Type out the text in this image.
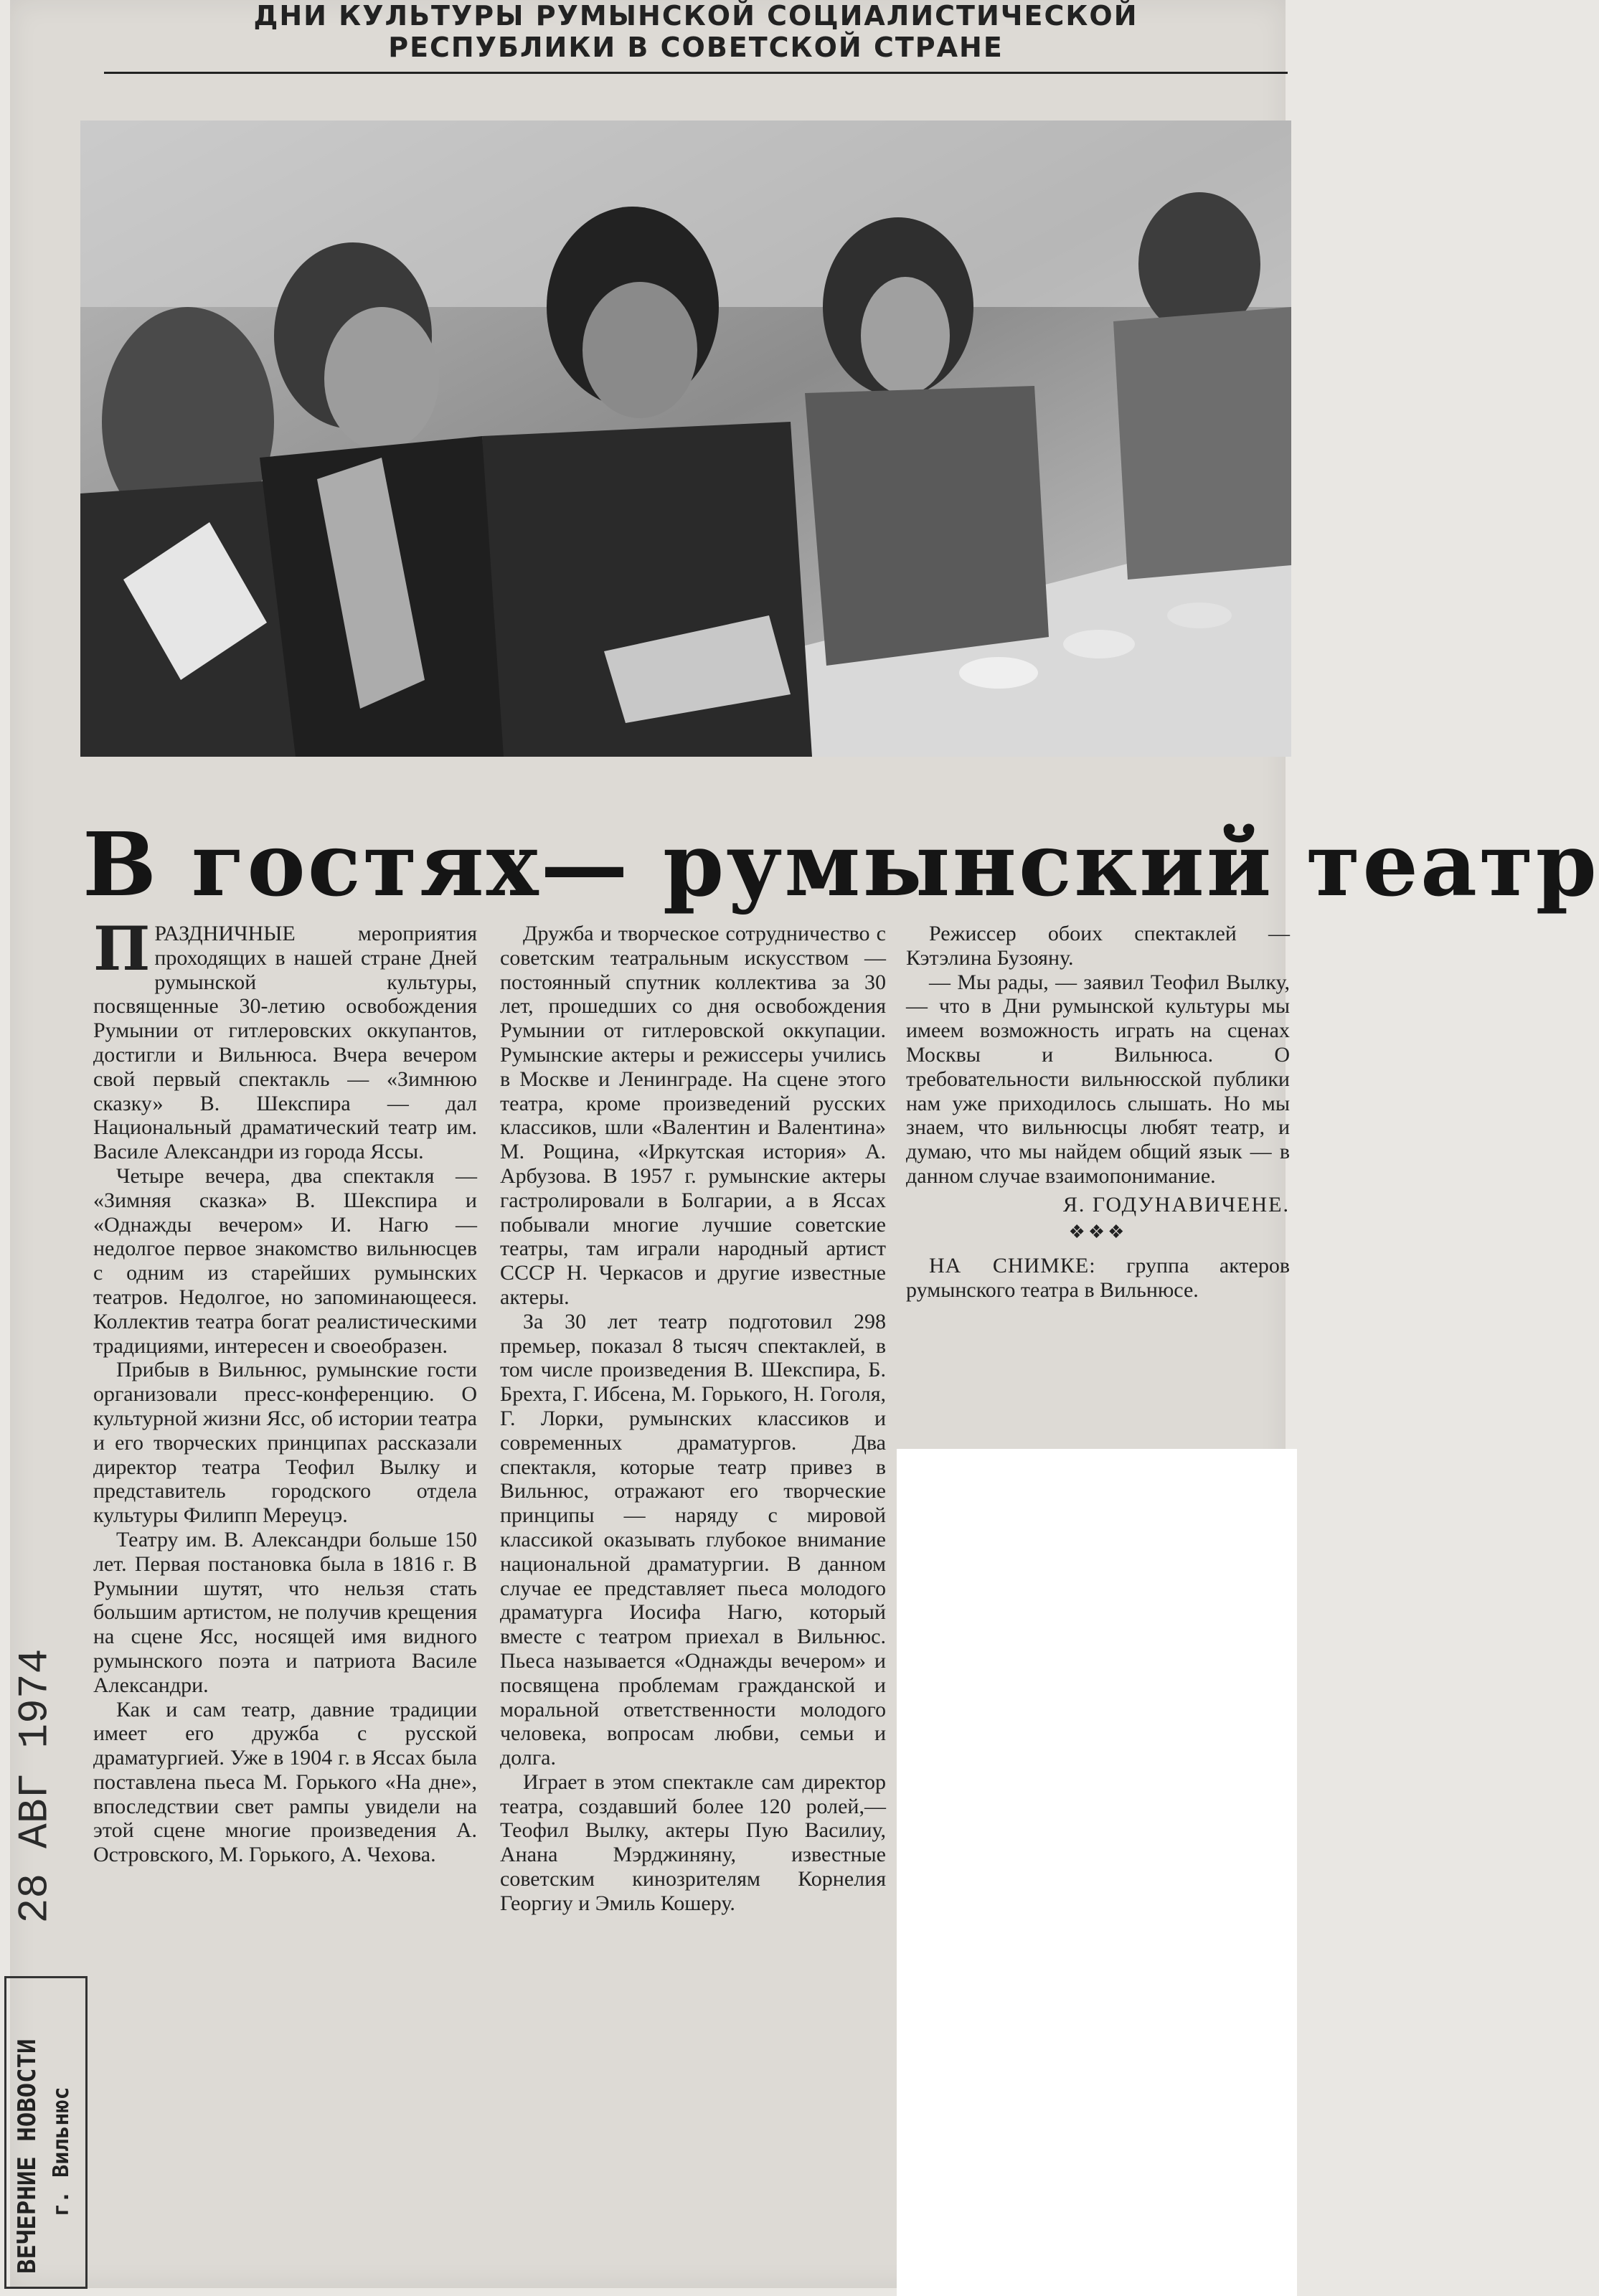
ДНИ КУЛЬТУРЫ РУМЫНСКОЙ СОЦИАЛИСТИЧЕСКОЙ
РЕСПУБЛИКИ В СОВЕТСКОЙ СТРАНЕ
В гостях— румынский театр

ПРАЗДНИЧНЫЕ мероприятия проходящих в нашей стране Дней румынской культуры, посвященные 30-летию освобождения Румынии от гитлеровских оккупантов, достигли и Вильнюса. Вчера вечером свой первый спектакль — «Зимнюю сказку» В. Шекспира — дал Национальный драматический театр им. Василе Александри из города Яссы.

Четыре вечера, два спектакля — «Зимняя сказка» В. Шекспира и «Однажды вечером» И. Нагю — недолгое первое знакомство вильнюсцев с одним из старейших румынских театров. Недолгое, но запоминающееся. Коллектив театра богат реалистическими традициями, интересен и своеобразен.

Прибыв в Вильнюс, румынские гости организовали пресс-конференцию. О культурной жизни Ясс, об истории театра и его творческих принципах рассказали директор театра Теофил Вылку и представитель городского отдела культуры Филипп Мереуцэ.

Театру им. В. Александри больше 150 лет. Первая постановка была в 1816 г. В Румынии шутят, что нельзя стать большим артистом, не получив крещения на сцене Ясс, носящей имя видного румынского поэта и патриота Василе Александри.

Как и сам театр, давние традиции имеет его дружба с русской драматургией. Уже в 1904 г. в Яссах была поставлена пьеса М. Горького «На дне», впоследствии свет рампы увидели на этой сцене многие произведения А. Островского, М. Горького, А. Чехова.

Дружба и творческое сотрудничество с советским театральным искусством — постоянный спутник коллектива за 30 лет, прошедших со дня освобождения Румынии от гитлеровской оккупации. Румынские актеры и режиссеры учились в Москве и Ленинграде. На сцене этого театра, кроме произведений русских классиков, шли «Валентин и Валентина» М. Рощина, «Иркутская история» А. Арбузова. В 1957 г. румынские актеры гастролировали в Болгарии, а в Яссах побывали многие лучшие советские театры, там играли народный артист СССР Н. Черкасов и другие известные актеры.

За 30 лет театр подготовил 298 премьер, показал 8 тысяч спектаклей, в том числе произведения В. Шекспира, Б. Брехта, Г. Ибсена, М. Горького, Н. Гоголя, Г. Лорки, румынских классиков и современных драматургов. Два спектакля, которые театр привез в Вильнюс, отражают его творческие принципы — наряду с мировой классикой оказывать глубокое внимание национальной драматургии. В данном случае ее представляет пьеса молодого драматурга Иосифа Нагю, который вместе с театром приехал в Вильнюс. Пьеса называется «Однажды вечером» и посвящена проблемам гражданской и моральной ответственности молодого человека, вопросам любви, семьи и долга.

Играет в этом спектакле сам директор театра, создавший более 120 ролей,—Теофил Вылку, актеры Пую Василиу, Анана Мэрджиняну, известные советским кинозрителям Корнелия Георгиу и Эмиль Кошеру.

Режиссер обоих спектаклей — Кэтэлина Бузояну.

— Мы рады, — заявил Теофил Вылку, — что в Дни румынской культуры мы имеем возможность играть на сценах Москвы и Вильнюса. О требовательности вильнюсской публики нам уже приходилось слышать. Но мы знаем, что вильнюсцы любят театр, и думаю, что мы найдем общий язык — в данном случае взаимопонимание.

Я. ГОДУНАВИЧЕНЕ.

❖❖❖

НА СНИМКЕ: группа актеров румынского театра в Вильнюсе.

28 АВГ 1974
ВЕЧЕРНИЕ НОВОСТИ г. Вильнюс
